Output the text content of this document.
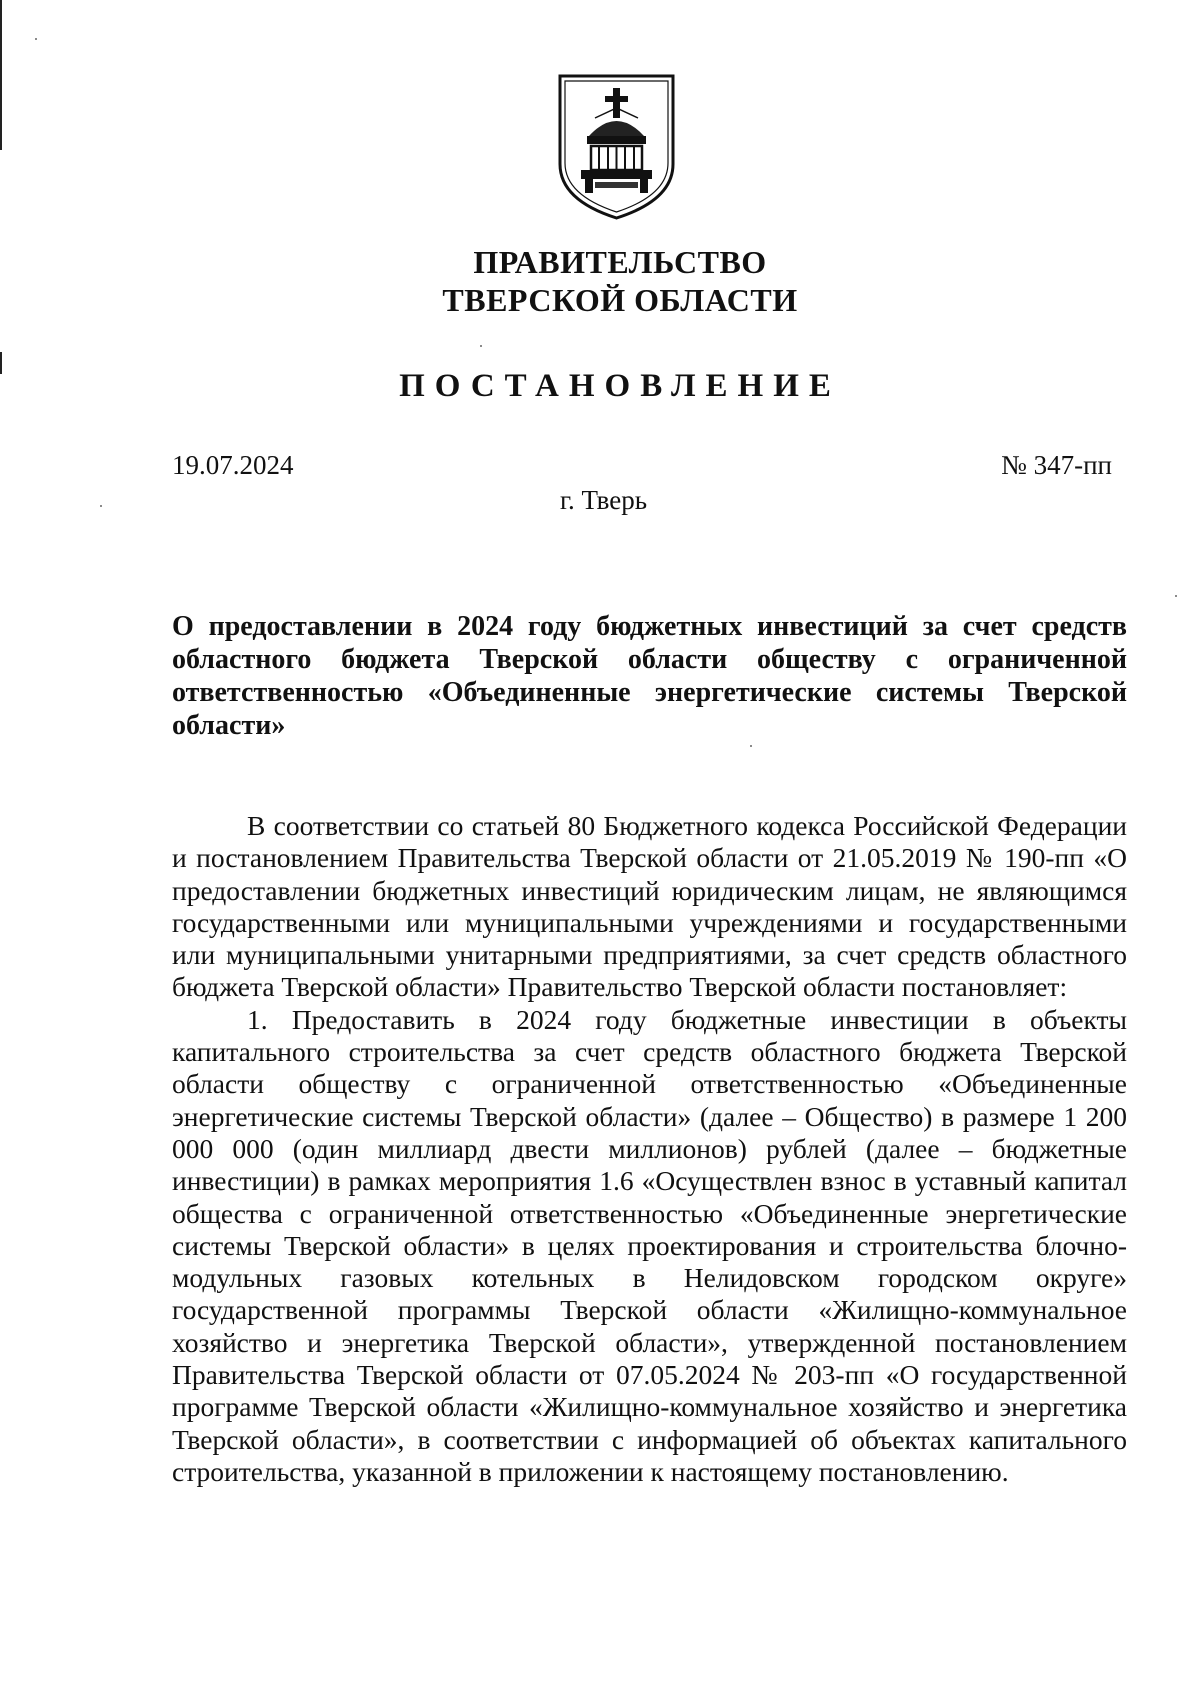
ПРАВИТЕЛЬСТВО
ТВЕРСКОЙ ОБЛАСТИ
ПОСТАНОВЛЕНИЕ
19.07.2024	№ 347-пп
г. Тверь
О предоставлении в 2024 году бюджетных инвестиций за счет средств областного бюджета Тверской области обществу с ограниченной ответственностью «Объединенные энергетические системы Тверской области»

В соответствии со статьей 80 Бюджетного кодекса Российской Федерации и постановлением Правительства Тверской области от 21.05.2019 № 190-пп «О предоставлении бюджетных инвестиций юридическим лицам, не являющимся государственными или муниципальными учреждениями и государственными или муниципальными унитарными предприятиями, за счет средств областного бюджета Тверской области» Правительство Тверской области постановляет:

1. Предоставить в 2024 году бюджетные инвестиции в объекты капитального строительства за счет средств областного бюджета Тверской области обществу с ограниченной ответственностью «Объединенные энергетические системы Тверской области» (далее – Общество) в размере 1 200 000 000 (один миллиард двести миллионов) рублей (далее – бюджетные инвестиции) в рамках мероприятия 1.6 «Осуществлен взнос в уставный капитал общества с ограниченной ответственностью «Объединенные энергетические системы Тверской области» в целях проектирования и строительства блочно-модульных газовых котельных в Нелидовском городском округе» государственной программы Тверской области «Жилищно-коммунальное хозяйство и энергетика Тверской области», утвержденной постановлением Правительства Тверской области от 07.05.2024 № 203-пп «О государственной программе Тверской области «Жилищно-коммунальное хозяйство и энергетика Тверской области», в соответствии с информацией об объектах капитального строительства, указанной в приложении к настоящему постановлению.
